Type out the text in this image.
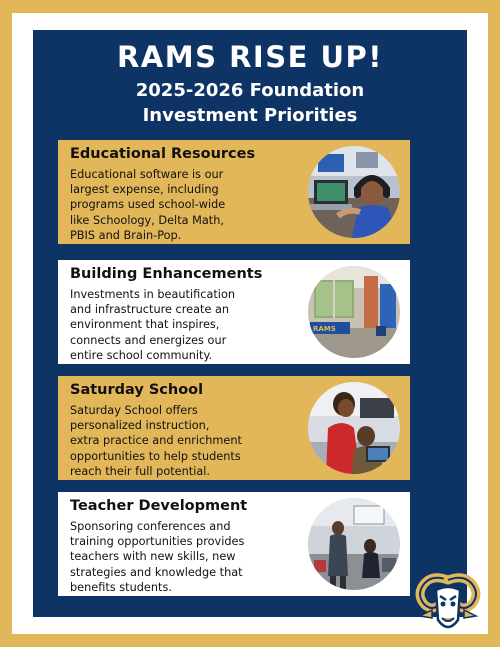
RAMS RISE UP!
2025-2026 Foundation
Investment Priorities
Educational Resources
Educational software is our
largest expense, including
programs used school-wide
like Schoology, Delta Math,
PBIS and Brain-Pop.
Building Enhancements
Investments in beautification
and infrastructure create an
environment that inspires,
connects and energizes our
entire school community.
RAMS
Saturday School
Saturday School offers
personalized instruction,
extra practice and enrichment
opportunities to help students
reach their full potential.
Teacher Development
Sponsoring conferences and
training opportunities provides
teachers with new skills, new
strategies and knowledge that
benefits students.
